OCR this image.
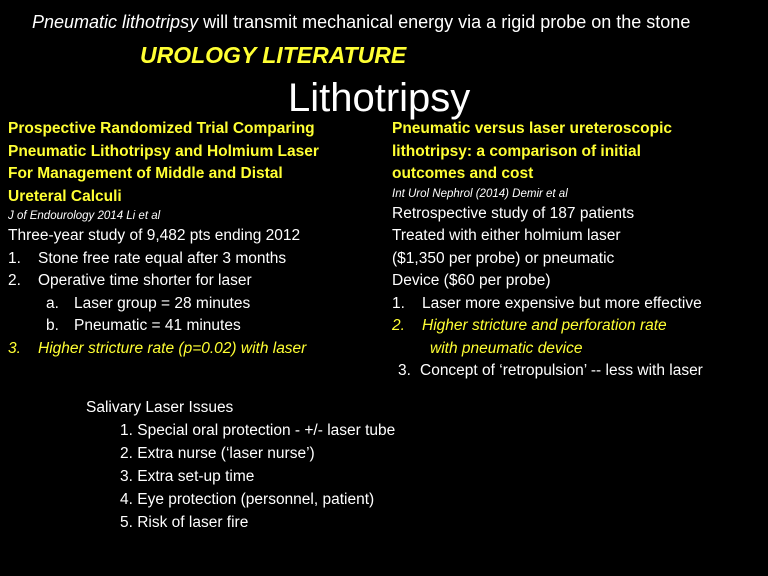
Pneumatic lithotripsy will transmit mechanical energy via a rigid probe on the stone
UROLOGY LITERATURE
Lithotripsy
Prospective Randomized Trial Comparing
Pneumatic Lithotripsy and Holmium Laser
For Management of Middle and Distal
Ureteral Calculi
J of Endourology 2014 Li et al
Three-year study of 9,482 pts ending 2012
1. Stone free rate equal after 3 months
2. Operative time shorter for laser
a. Laser group = 28 minutes
b. Pneumatic = 41 minutes
3. Higher stricture rate (p=0.02) with laser
Pneumatic versus laser ureteroscopic
lithotripsy: a comparison of initial
outcomes and cost
Int Urol Nephrol (2014) Demir et al
Retrospective study of 187 patients
Treated with either holmium laser
($1,350 per probe) or pneumatic
Device ($60 per probe)
1. Laser more expensive but more effective
2. Higher stricture and perforation rate
with pneumatic device
3. Concept of ‘retropulsion’ -- less with laser
Salivary Laser Issues
1. Special oral protection - +/- laser tube
2. Extra nurse (‘laser nurse’)
3. Extra set-up time
4. Eye protection (personnel, patient)
5. Risk of laser fire
